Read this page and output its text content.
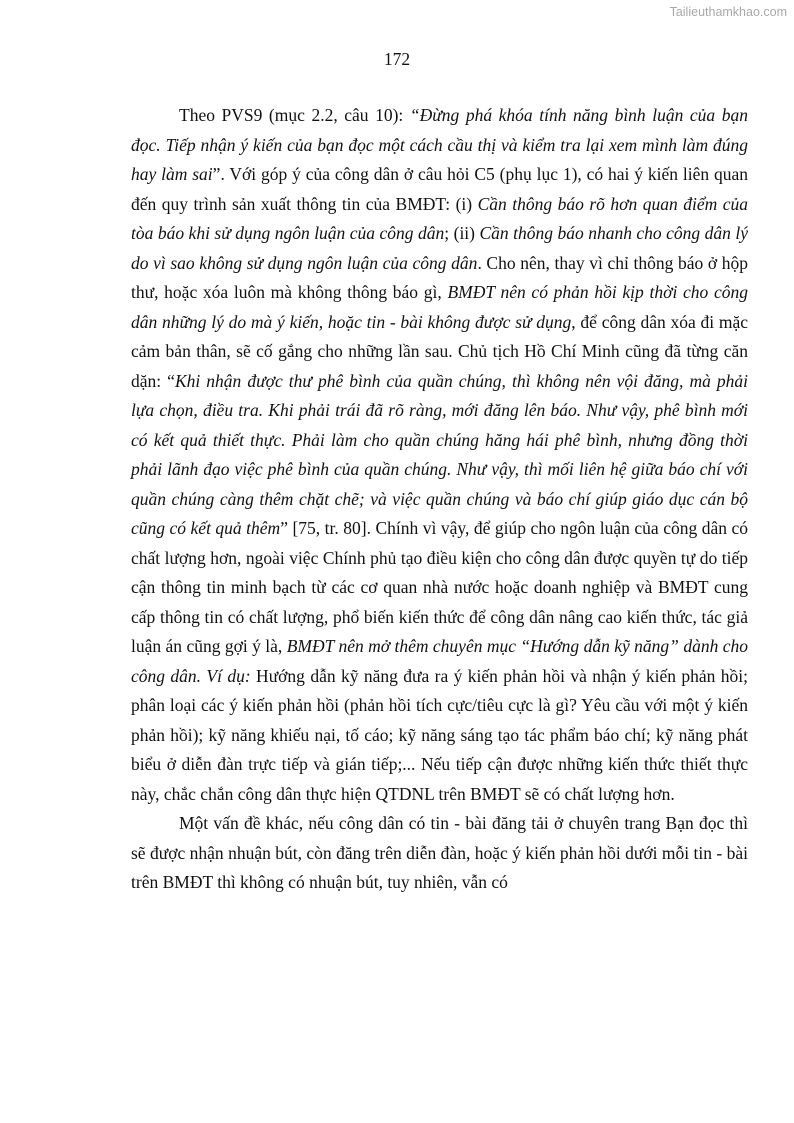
Tailieuthamkhao.com
172

Theo PVS9 (mục 2.2, câu 10): “Đừng phá khóa tính năng bình luận của bạn đọc. Tiếp nhận ý kiến của bạn đọc một cách cầu thị và kiểm tra lại xem mình làm đúng hay làm sai”. Với góp ý của công dân ở câu hỏi C5 (phụ lục 1), có hai ý kiến liên quan đến quy trình sản xuất thông tin của BMĐT: (i) Cần thông báo rõ hơn quan điểm của tòa báo khi sử dụng ngôn luận của công dân; (ii) Cần thông báo nhanh cho công dân lý do vì sao không sử dụng ngôn luận của công dân. Cho nên, thay vì chỉ thông báo ở hộp thư, hoặc xóa luôn mà không thông báo gì, BMĐT nên có phản hồi kịp thời cho công dân những lý do mà ý kiến, hoặc tin - bài không được sử dụng, để công dân xóa đi mặc cảm bản thân, sẽ cố gắng cho những lần sau. Chủ tịch Hồ Chí Minh cũng đã từng căn dặn: “Khi nhận được thư phê bình của quần chúng, thì không nên vội đăng, mà phải lựa chọn, điều tra. Khi phải trái đã rõ ràng, mới đăng lên báo. Như vậy, phê bình mới có kết quả thiết thực. Phải làm cho quần chúng hăng hái phê bình, nhưng đồng thời phải lãnh đạo việc phê bình của quần chúng. Như vậy, thì mối liên hệ giữa báo chí với quần chúng càng thêm chặt chẽ; và việc quần chúng và báo chí giúp giáo dục cán bộ cũng có kết quả thêm” [75, tr. 80]. Chính vì vậy, để giúp cho ngôn luận của công dân có chất lượng hơn, ngoài việc Chính phủ tạo điều kiện cho công dân được quyền tự do tiếp cận thông tin minh bạch từ các cơ quan nhà nước hoặc doanh nghiệp và BMĐT cung cấp thông tin có chất lượng, phổ biến kiến thức để công dân nâng cao kiến thức, tác giả luận án cũng gợi ý là, BMĐT nên mở thêm chuyên mục “Hướng dẫn kỹ năng” dành cho công dân. Ví dụ: Hướng dẫn kỹ năng đưa ra ý kiến phản hồi và nhận ý kiến phản hồi; phân loại các ý kiến phản hồi (phản hồi tích cực/tiêu cực là gì? Yêu cầu với một ý kiến phản hồi); kỹ năng khiếu nại, tố cáo; kỹ năng sáng tạo tác phẩm báo chí; kỹ năng phát biểu ở diễn đàn trực tiếp và gián tiếp;... Nếu tiếp cận được những kiến thức thiết thực này, chắc chắn công dân thực hiện QTDNL trên BMĐT sẽ có chất lượng hơn.

Một vấn đề khác, nếu công dân có tin - bài đăng tải ở chuyên trang Bạn đọc thì sẽ được nhận nhuận bút, còn đăng trên diễn đàn, hoặc ý kiến phản hồi dưới mỗi tin - bài trên BMĐT thì không có nhuận bút, tuy nhiên, vẫn có
